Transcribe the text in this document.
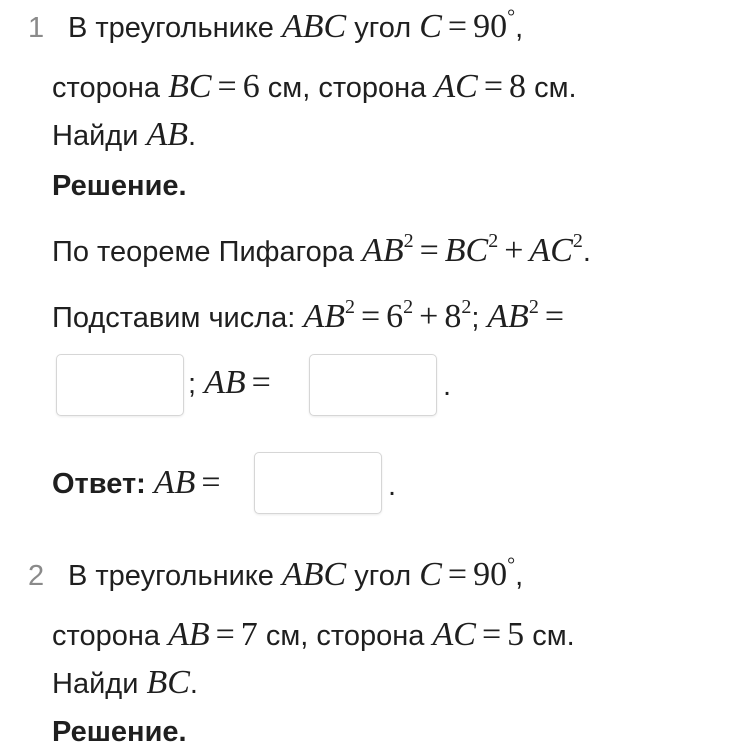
1 В треугольнике ABC угол C = 90°,
сторона BC = 6 см, сторона AC = 8 см.
Найди AB.
Решение.
По теореме Пифагора $AB^2 = BC^2 + AC^2$.
Подставим числа: $AB^2 = 6^2 + 8^2$; $AB^2$ =
; AB =	.
Ответ: AB =	.
2 В треугольнике ABC угол C = 90°,
сторона AB = 7 см, сторона AC = 5 см.
Найди BC.
Решение.
